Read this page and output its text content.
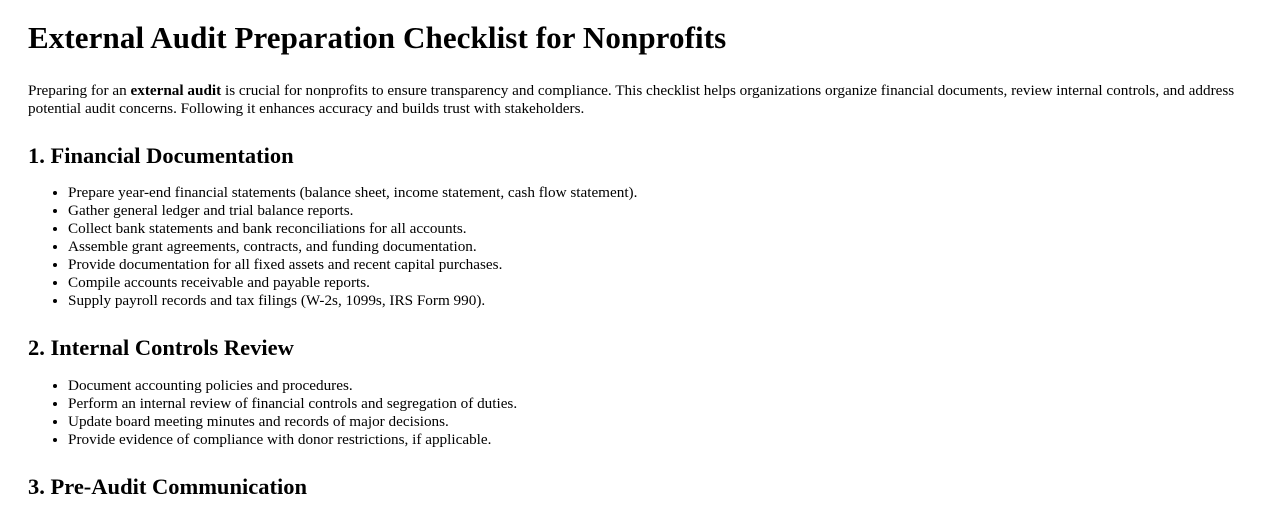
External Audit Preparation Checklist for Nonprofits

Preparing for an external audit is crucial for nonprofits to ensure transparency and compliance. This checklist helps organizations organize financial documents, review internal controls, and address potential audit concerns. Following it enhances accuracy and builds trust with stakeholders.

1. Financial Documentation
• Prepare year-end financial statements (balance sheet, income statement, cash flow statement).
• Gather general ledger and trial balance reports.
• Collect bank statements and bank reconciliations for all accounts.
• Assemble grant agreements, contracts, and funding documentation.
• Provide documentation for all fixed assets and recent capital purchases.
• Compile accounts receivable and payable reports.
• Supply payroll records and tax filings (W-2s, 1099s, IRS Form 990).
2. Internal Controls Review
• Document accounting policies and procedures.
• Perform an internal review of financial controls and segregation of duties.
• Update board meeting minutes and records of major decisions.
• Provide evidence of compliance with donor restrictions, if applicable.
3. Pre-Audit Communication
